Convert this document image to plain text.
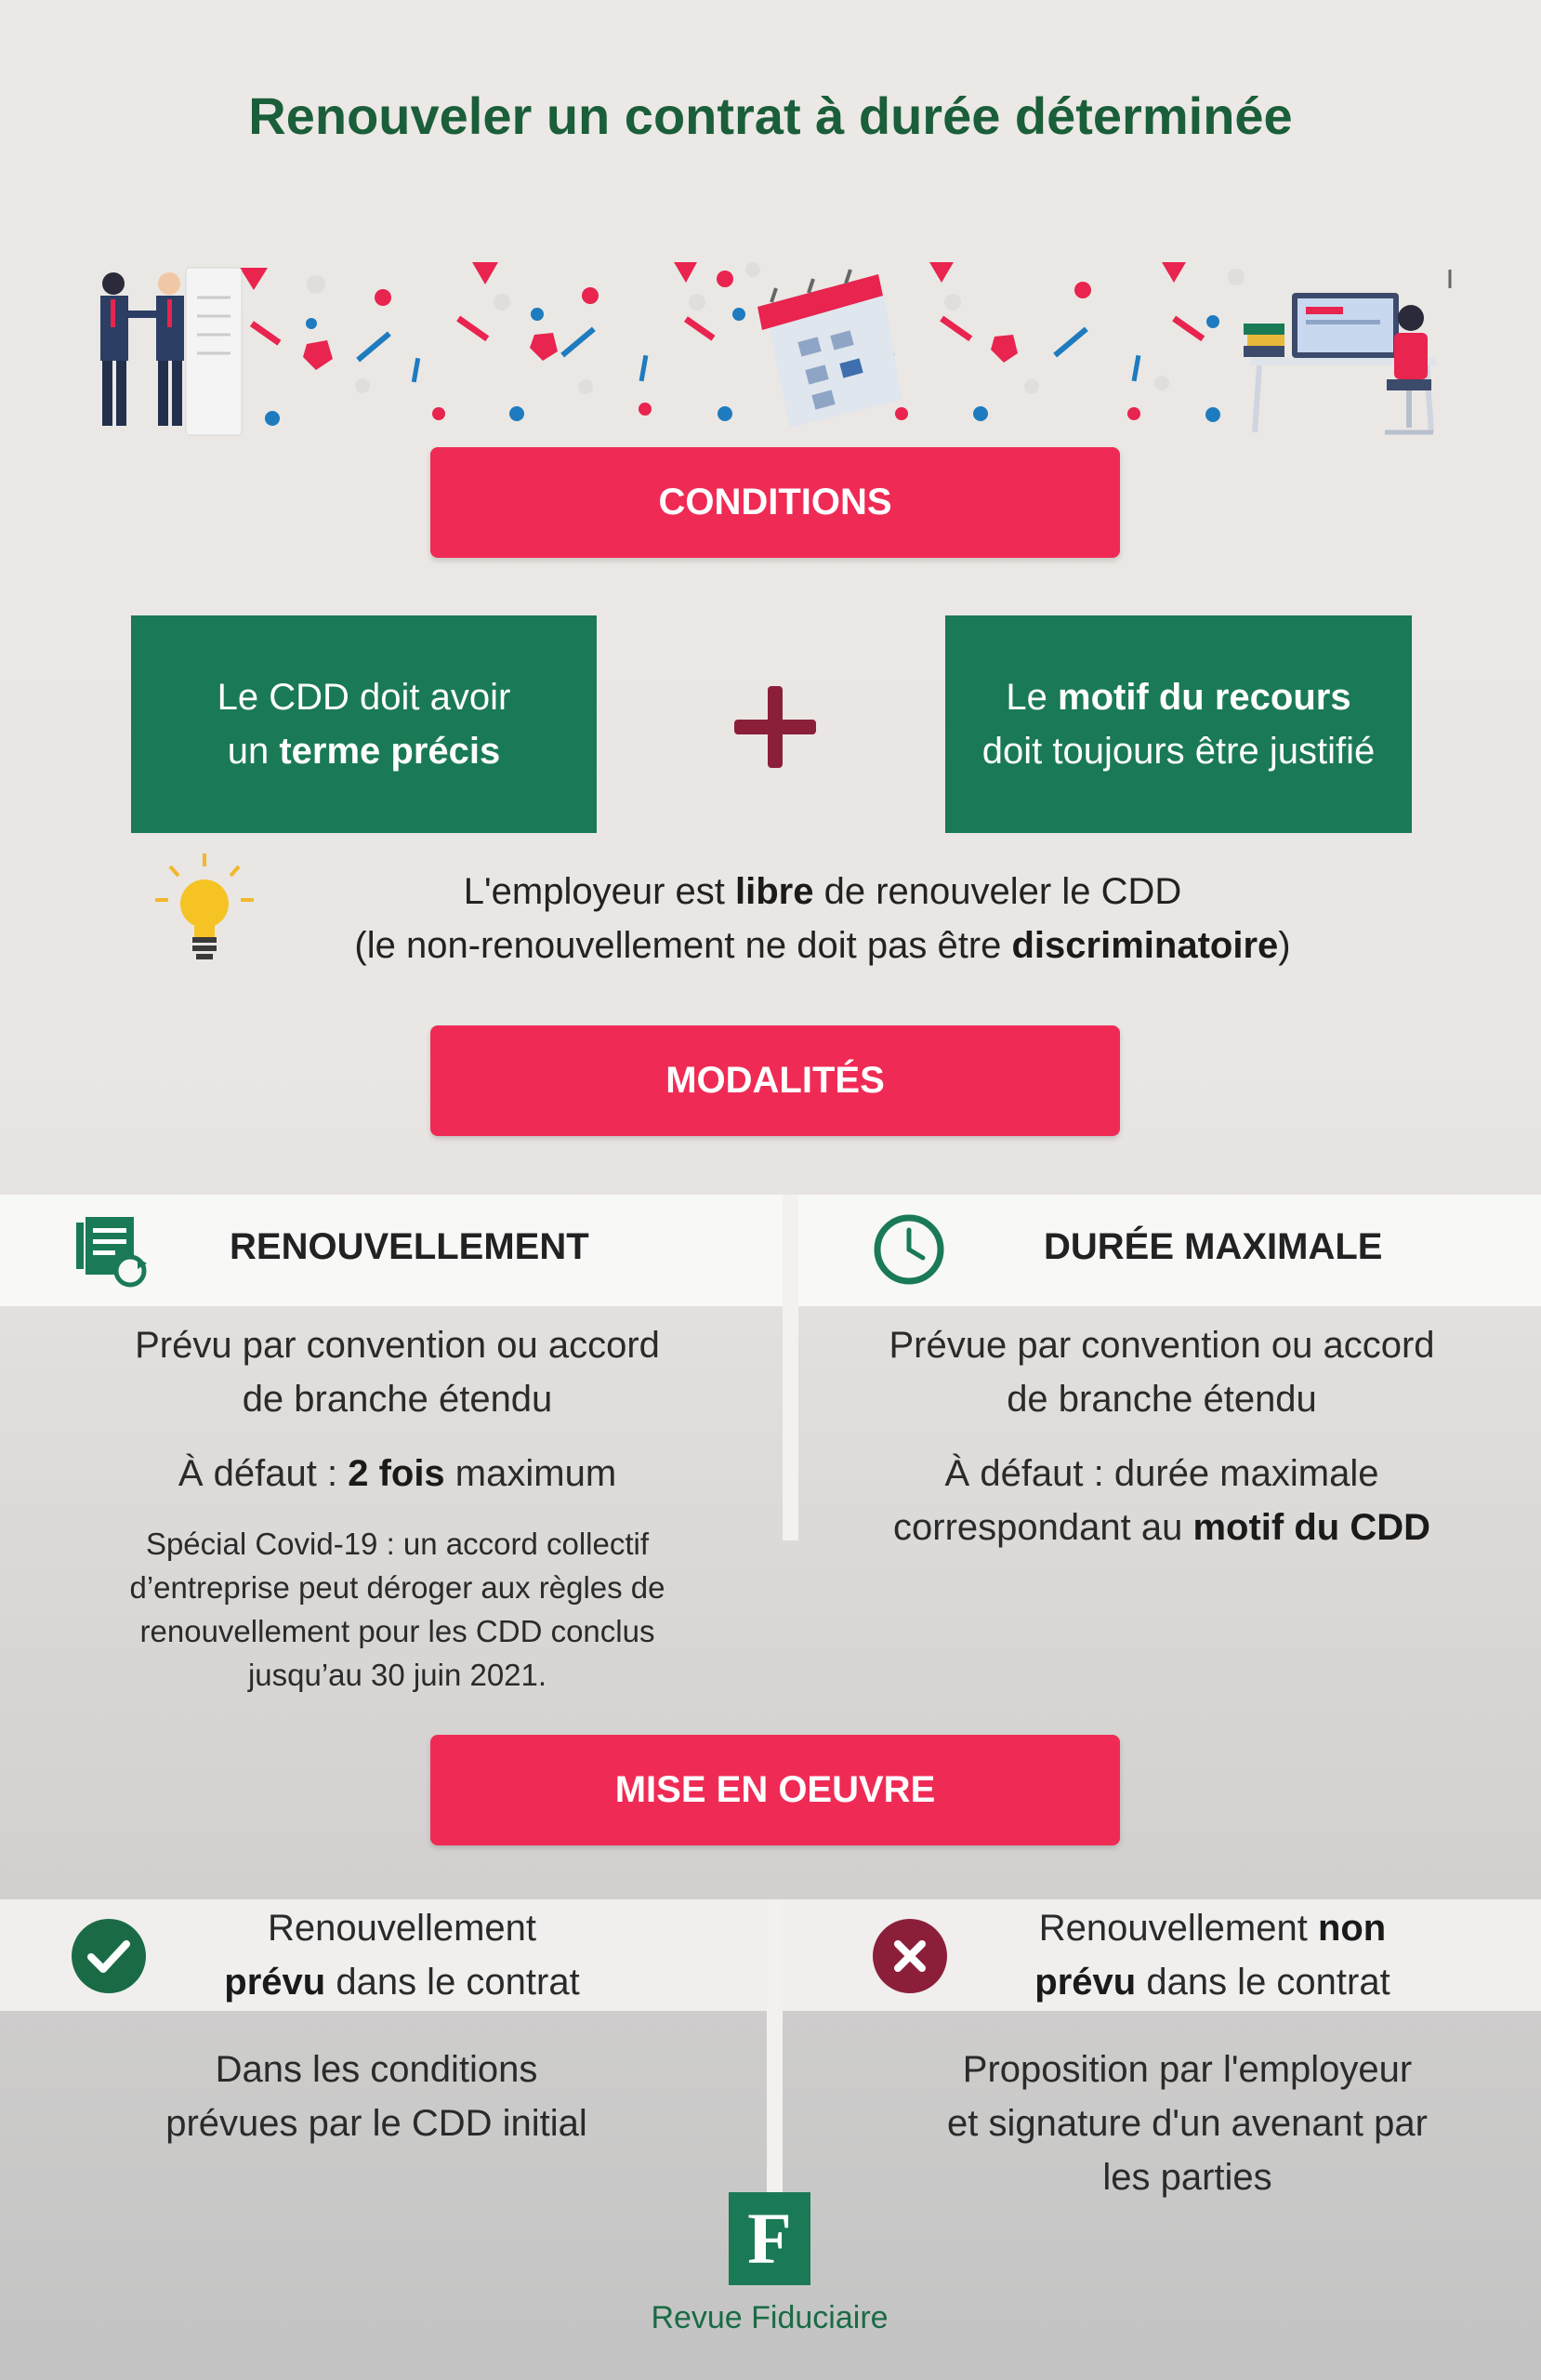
Renouveler un contrat à durée déterminée
CONDITIONS
Le CDD doit avoir
un terme précis
Le motif du recours
doit toujours être justifié
L'employeur est libre de renouveler le CDD
(le non-renouvellement ne doit pas être discriminatoire)
MODALITÉS
RENOUVELLEMENT	DURÉE MAXIMALE
Prévu par convention ou accord
de branche étendu
À défaut : 2 fois maximum
Spécial Covid-19 : un accord collectif
d’entreprise peut déroger aux règles de
renouvellement pour les CDD conclus
jusqu’au 30 juin 2021.
Prévue par convention ou accord
de branche étendu
À défaut : durée maximale
correspondant au motif du CDD
MISE EN OEUVRE
Renouvellement
prévu dans le contrat
Renouvellement non
prévu dans le contrat
Dans les conditions
prévues par le CDD initial
Proposition par l'employeur
et signature d'un avenant par
les parties
F
Revue Fiduciaire
